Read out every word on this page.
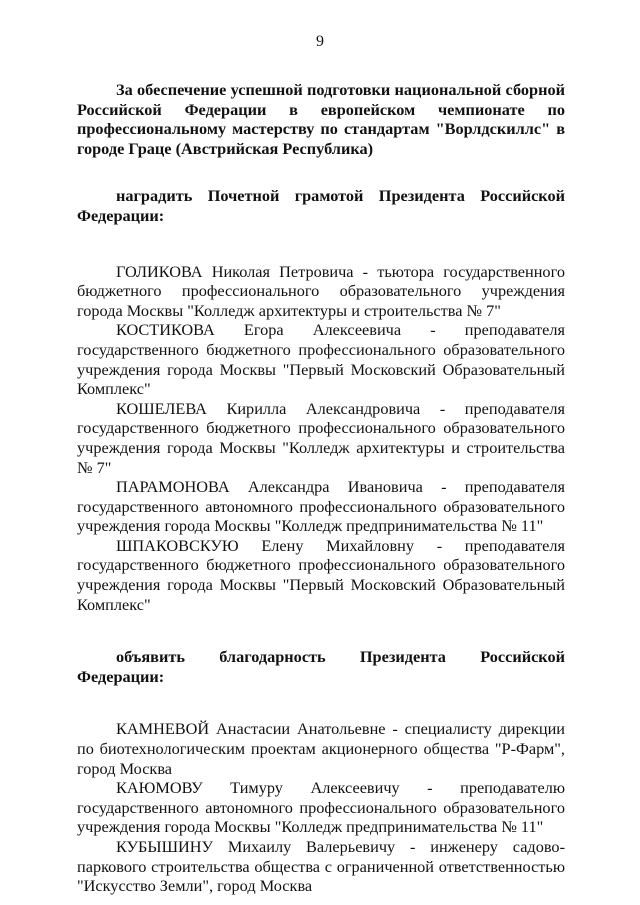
9

За обеспечение успешной подготовки национальной сборной Российской Федерации в европейском чемпионате по профессиональному мастерству по стандартам "Ворлдскиллс" в городе Граце (Австрийская Республика)

наградить Почетной грамотой Президента Российской Федерации:

ГОЛИКОВА Николая Петровича - тьютора государственного бюджетного профессионального образовательного учреждения города Москвы "Колледж архитектуры и строительства № 7"

КОСТИКОВА Егора Алексеевича - преподавателя государственного бюджетного профессионального образовательного учреждения города Москвы "Первый Московский Образовательный Комплекс"

КОШЕЛЕВА Кирилла Александровича - преподавателя государственного бюджетного профессионального образовательного учреждения города Москвы "Колледж архитектуры и строительства № 7"

ПАРАМОНОВА Александра Ивановича - преподавателя государственного автономного профессионального образовательного учреждения города Москвы "Колледж предпринимательства № 11"

ШПАКОВСКУЮ Елену Михайловну - преподавателя государственного бюджетного профессионального образовательного учреждения города Москвы "Первый Московский Образовательный Комплекс"

объявить благодарность Президента Российской Федерации:

КАМНЕВОЙ Анастасии Анатольевне - специалисту дирекции по биотехнологическим проектам акционерного общества "Р-Фарм", город Москва

КАЮМОВУ Тимуру Алексеевичу - преподавателю государственного автономного профессионального образовательного учреждения города Москвы "Колледж предпринимательства № 11"

КУБЫШИНУ Михаилу Валерьевичу - инженеру садово-паркового строительства общества с ограниченной ответственностью "Искусство Земли", город Москва
